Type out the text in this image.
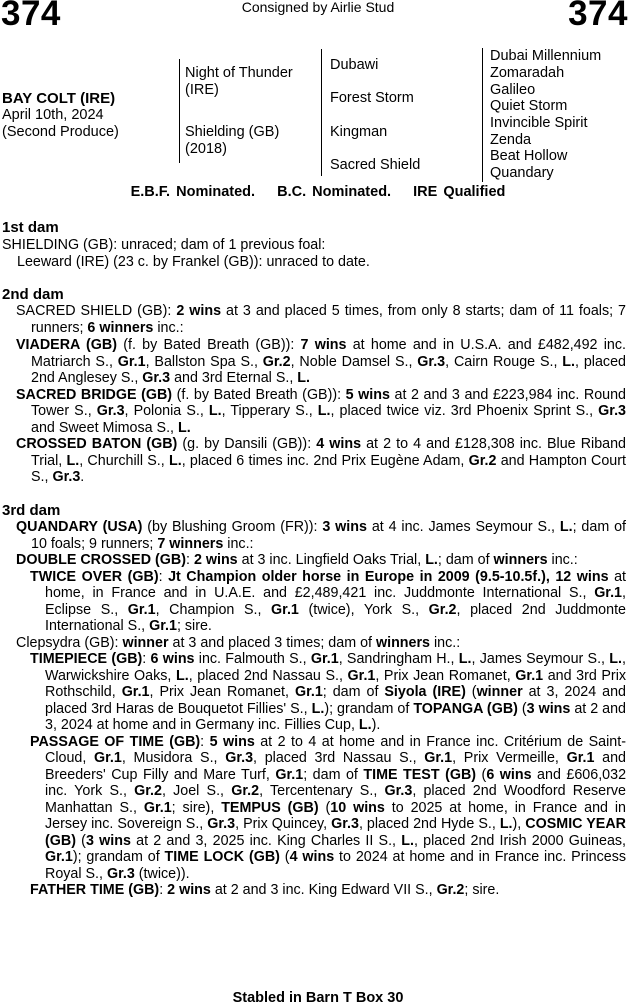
374	Consigned by Airlie Stud	374
BAY COLT (IRE)
April 10th, 2024
(Second Produce)
Night of Thunder
(IRE)
Shielding (GB)
(2018)
Dubawi
Forest Storm
Kingman
Sacred Shield
Dubai Millennium
Zomaradah
Galileo
Quiet Storm
Invincible Spirit
Zenda
Beat Hollow
Quandary
E.B.F. Nominated. B.C. Nominated. IRE Qualified
1st dam
SHIELDING (GB): unraced; dam of 1 previous foal:
Leeward (IRE) (23 c. by Frankel (GB)): unraced to date.
2nd dam
SACRED SHIELD (GB): 2 wins at 3 and placed 5 times, from only 8 starts; dam of 11 foals; 7 runners; 6 winners inc.:
VIADERA (GB) (f. by Bated Breath (GB)): 7 wins at home and in U.S.A. and £482,492 inc. Matriarch S., Gr.1, Ballston Spa S., Gr.2, Noble Damsel S., Gr.3, Cairn Rouge S., L., placed 2nd Anglesey S., Gr.3 and 3rd Eternal S., L.
SACRED BRIDGE (GB) (f. by Bated Breath (GB)): 5 wins at 2 and 3 and £223,984 inc. Round Tower S., Gr.3, Polonia S., L., Tipperary S., L., placed twice viz. 3rd Phoenix Sprint S., Gr.3 and Sweet Mimosa S., L.
CROSSED BATON (GB) (g. by Dansili (GB)): 4 wins at 2 to 4 and £128,308 inc. Blue Riband Trial, L., Churchill S., L., placed 6 times inc. 2nd Prix Eugène Adam, Gr.2 and Hampton Court S., Gr.3.
3rd dam
QUANDARY (USA) (by Blushing Groom (FR)): 3 wins at 4 inc. James Seymour S., L.; dam of 10 foals; 9 runners; 7 winners inc.:
DOUBLE CROSSED (GB): 2 wins at 3 inc. Lingfield Oaks Trial, L.; dam of winners inc.:
TWICE OVER (GB): Jt Champion older horse in Europe in 2009 (9.5-10.5f.), 12 wins at home, in France and in U.A.E. and £2,489,421 inc. Juddmonte International S., Gr.1, Eclipse S., Gr.1, Champion S., Gr.1 (twice), York S., Gr.2, placed 2nd Juddmonte International S., Gr.1; sire.
Clepsydra (GB): winner at 3 and placed 3 times; dam of winners inc.:
TIMEPIECE (GB): 6 wins inc. Falmouth S., Gr.1, Sandringham H., L., James Seymour S., L., Warwickshire Oaks, L., placed 2nd Nassau S., Gr.1, Prix Jean Romanet, Gr.1 and 3rd Prix Rothschild, Gr.1, Prix Jean Romanet, Gr.1; dam of Siyola (IRE) (winner at 3, 2024 and placed 3rd Haras de Bouquetot Fillies' S., L.); grandam of TOPANGA (GB) (3 wins at 2 and 3, 2024 at home and in Germany inc. Fillies Cup, L.).
PASSAGE OF TIME (GB): 5 wins at 2 to 4 at home and in France inc. Critérium de Saint-Cloud, Gr.1, Musidora S., Gr.3, placed 3rd Nassau S., Gr.1, Prix Vermeille, Gr.1 and Breeders' Cup Filly and Mare Turf, Gr.1; dam of TIME TEST (GB) (6 wins and £606,032 inc. York S., Gr.2, Joel S., Gr.2, Tercentenary S., Gr.3, placed 2nd Woodford Reserve Manhattan S., Gr.1; sire), TEMPUS (GB) (10 wins to 2025 at home, in France and in Jersey inc. Sovereign S., Gr.3, Prix Quincey, Gr.3, placed 2nd Hyde S., L.), COSMIC YEAR (GB) (3 wins at 2 and 3, 2025 inc. King Charles II S., L., placed 2nd Irish 2000 Guineas, Gr.1); grandam of TIME LOCK (GB) (4 wins to 2024 at home and in France inc. Princess Royal S., Gr.3 (twice)).
FATHER TIME (GB): 2 wins at 2 and 3 inc. King Edward VII S., Gr.2; sire.
Stabled in Barn T Box 30
